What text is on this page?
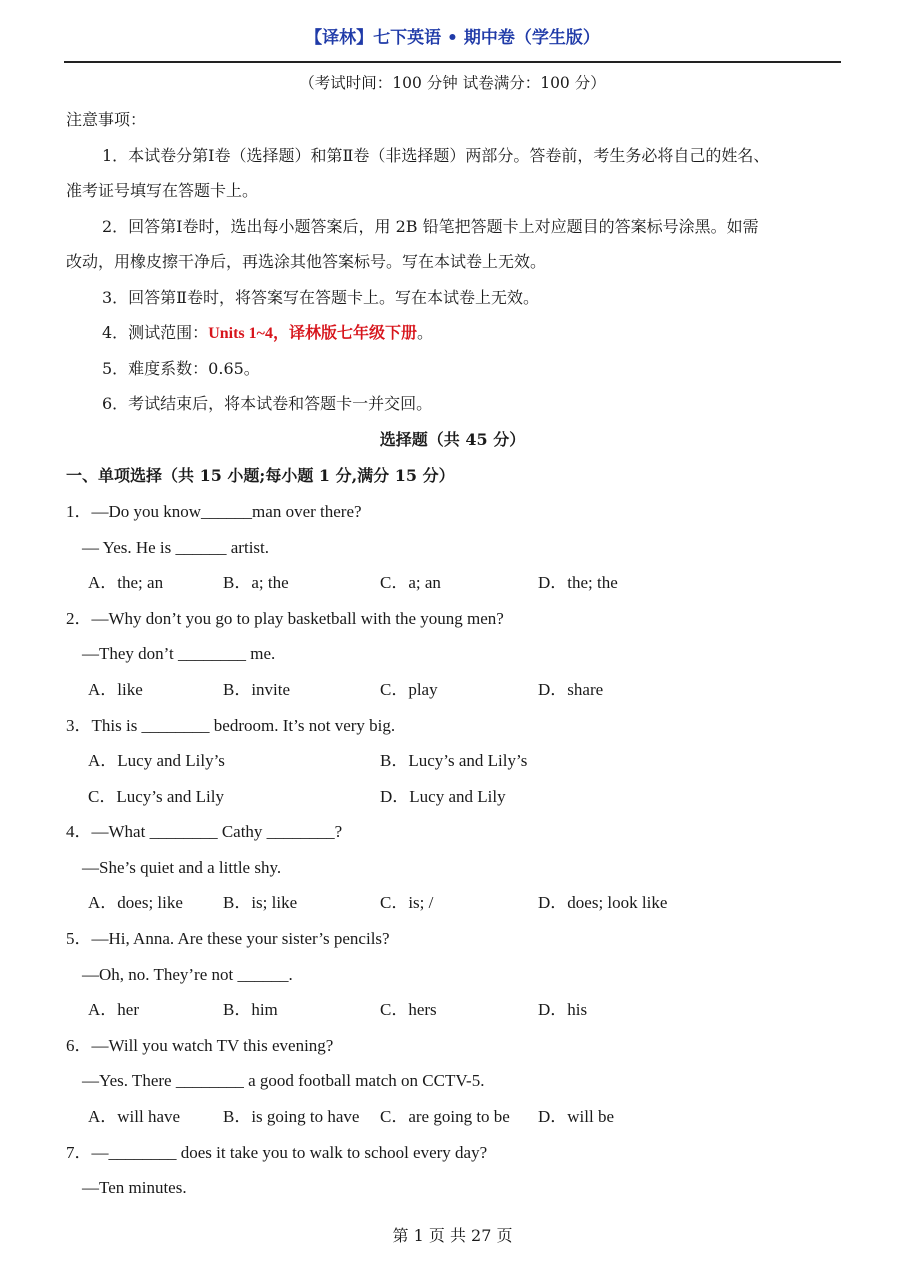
【译林】七下英语 • 期中卷（学生版）
（考试时间：100 分钟 试卷满分：100 分）
注意事项：
1．本试卷分第Ⅰ卷（选择题）和第Ⅱ卷（非选择题）两部分。答卷前，考生务必将自己的姓名、
准考证号填写在答题卡上。
2．回答第Ⅰ卷时，选出每小题答案后，用 2B 铅笔把答题卡上对应题目的答案标号涂黑。如需
改动，用橡皮擦干净后，再选涂其他答案标号。写在本试卷上无效。
3．回答第Ⅱ卷时，将答案写在答题卡上。写在本试卷上无效。
4．测试范围：Units 1~4，译林版七年级下册。
5．难度系数：0.65。
6．考试结束后，将本试卷和答题卡一并交回。
选择题（共 45 分）
一、单项选择（共 15 小题;每小题 1 分,满分 15 分）
1．—Do you know______man over there?
— Yes. He is ______ artist.
A．the; an	B．a; the	C．a; an	D．the; the
2．—Why don’t you go to play basketball with the young men?
—They don’t ________ me.
A．like	B．invite	C．play	D．share
3．This is ________ bedroom. It’s not very big.
A．Lucy and Lily’s	B．Lucy’s and Lily’s
C．Lucy’s and Lily	D．Lucy and Lily
4．—What ________ Cathy ________?
—She’s quiet and a little shy.
A．does; like B．is; like	C．is; /	D．does; look like
5．—Hi, Anna. Are these your sister’s pencils?
—Oh, no. They’re not ______.
A．her	B．him	C．hers	D．his
6．—Will you watch TV this evening?
—Yes. There ________ a good football match on CCTV-5.
A．will have	B．is going to have C．are going to be D．will be
7．—________ does it take you to walk to school every day?
—Ten minutes.
第 1 页 共 27 页
